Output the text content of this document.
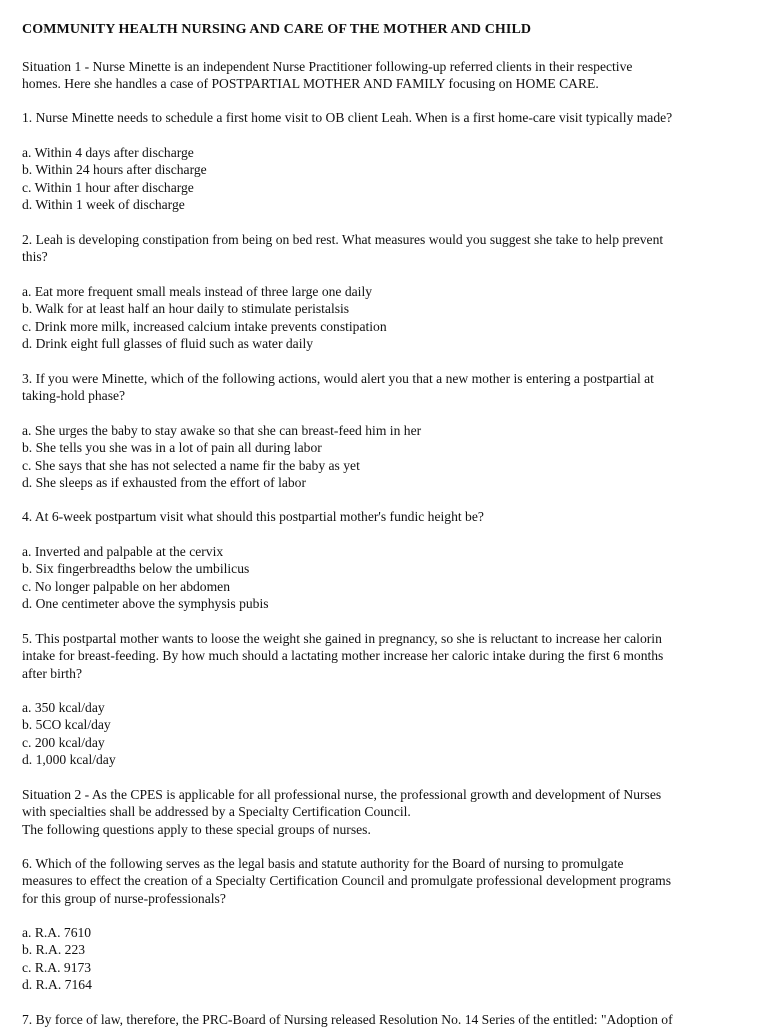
COMMUNITY HEALTH NURSING AND CARE OF THE MOTHER AND CHILD

Situation 1 - Nurse Minette is an independent Nurse Practitioner following-up referred clients in their respective

homes. Here she handles a case of POSTPARTIAL MOTHER AND FAMILY focusing on HOME CARE.

1. Nurse Minette needs to schedule a first home visit to OB client Leah. When is a first home-care visit typically made?

a. Within 4 days after discharge

b. Within 24 hours after discharge

c. Within 1 hour after discharge

d. Within 1 week of discharge

2. Leah is developing constipation from being on bed rest. What measures would you suggest she take to help prevent

this?

a. Eat more frequent small meals instead of three large one daily

b. Walk for at least half an hour daily to stimulate peristalsis

c. Drink more milk, increased calcium intake prevents constipation

d. Drink eight full glasses of fluid such as water daily

3. If you were Minette, which of the following actions, would alert you that a new mother is entering a postpartial at

taking-hold phase?

a. She urges the baby to stay awake so that she can breast-feed him in her

b. She tells you she was in a lot of pain all during labor

c. She says that she has not selected a name fir the baby as yet

d. She sleeps as if exhausted from the effort of labor

4. At 6-week postpartum visit what should this postpartial mother's fundic height be?

a. Inverted and palpable at the cervix

b. Six fingerbreadths below the umbilicus

c. No longer palpable on her abdomen

d. One centimeter above the symphysis pubis

5. This postpartal mother wants to loose the weight she gained in pregnancy, so she is reluctant to increase her calorin

intake for breast-feeding. By how much should a lactating mother increase her caloric intake during the first 6 months

after birth?

a. 350 kcal/day

b. 5CO kcal/day

c. 200 kcal/day

d. 1,000 kcal/day

Situation 2 - As the CPES is applicable for all professional nurse, the professional growth and development of Nurses

with specialties shall be addressed by a Specialty Certification Council.

The following questions apply to these special groups of nurses.

6. Which of the following serves as the legal basis and statute authority for the Board of nursing to promulgate

measures to effect the creation of a Specialty Certification Council and promulgate professional development programs

for this group of nurse-professionals?

a. R.A. 7610

b. R.A. 223

c. R.A. 9173

d. R.A. 7164

7. By force of law, therefore, the PRC-Board of Nursing released Resolution No. 14 Series of the entitled: "Adoption of
